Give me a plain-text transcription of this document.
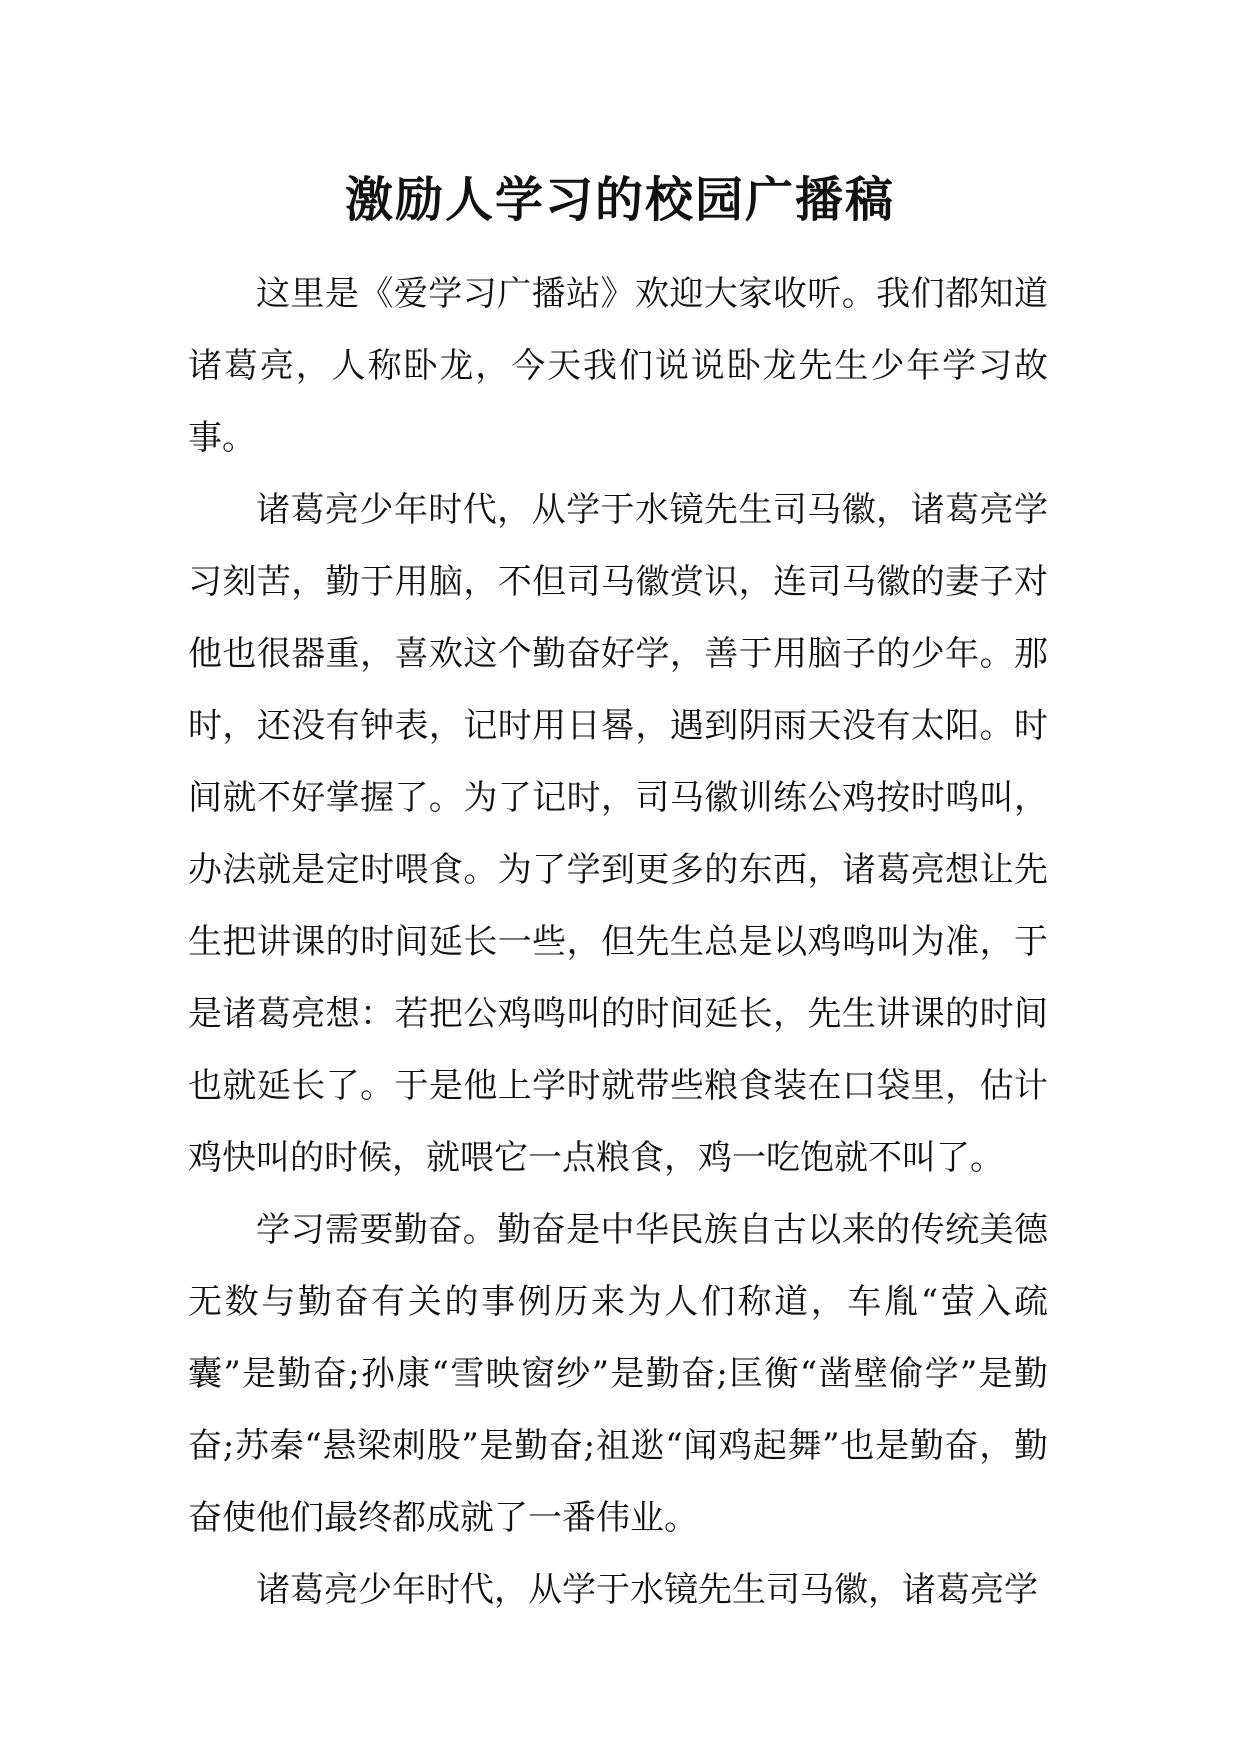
激励人学习的校园广播稿

这里是《爱学习广播站》欢迎大家收听。我们都知道诸葛亮，人称卧龙，今天我们说说卧龙先生少年学习故事。

诸葛亮少年时代，从学于水镜先生司马徽，诸葛亮学习刻苦，勤于用脑，不但司马徽赏识，连司马徽的妻子对他也很器重，喜欢这个勤奋好学，善于用脑子的少年。那时，还没有钟表，记时用日晷，遇到阴雨天没有太阳。时间就不好掌握了。为了记时，司马徽训练公鸡按时鸣叫，办法就是定时喂食。为了学到更多的东西，诸葛亮想让先生把讲课的时间延长一些，但先生总是以鸡鸣叫为准，于是诸葛亮想：若把公鸡鸣叫的时间延长，先生讲课的时间也就延长了。于是他上学时就带些粮食装在口袋里，估计鸡快叫的时候，就喂它一点粮食，鸡一吃饱就不叫了。

学习需要勤奋。勤奋是中华民族自古以来的传统美德无数与勤奋有关的事例历来为人们称道，车胤“萤入疏囊”是勤奋;孙康“雪映窗纱”是勤奋;匡衡“凿壁偷学”是勤奋;苏秦“悬梁刺股”是勤奋;祖逖“闻鸡起舞”也是勤奋，勤奋使他们最终都成就了一番伟业。

诸葛亮少年时代，从学于水镜先生司马徽，诸葛亮学
